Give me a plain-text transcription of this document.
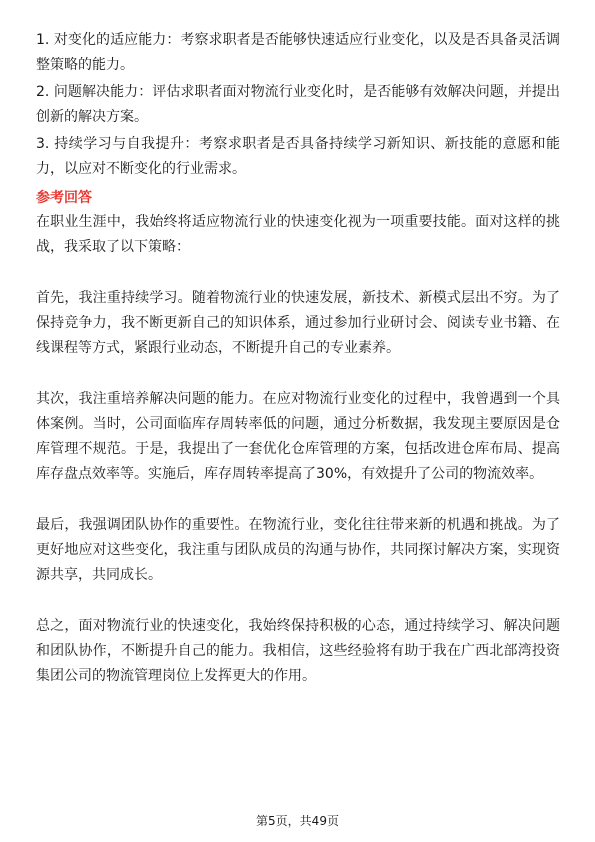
1. 对变化的适应能力：考察求职者是否能够快速适应行业变化，以及是否具备灵活调整策略的能力。

2. 问题解决能力：评估求职者面对物流行业变化时，是否能够有效解决问题，并提出创新的解决方案。

3. 持续学习与自我提升：考察求职者是否具备持续学习新知识、新技能的意愿和能力，以应对不断变化的行业需求。

参考回答

在职业生涯中，我始终将适应物流行业的快速变化视为一项重要技能。面对这样的挑战，我采取了以下策略：

首先，我注重持续学习。随着物流行业的快速发展，新技术、新模式层出不穷。为了保持竞争力，我不断更新自己的知识体系，通过参加行业研讨会、阅读专业书籍、在线课程等方式，紧跟行业动态，不断提升自己的专业素养。

其次，我注重培养解决问题的能力。在应对物流行业变化的过程中，我曾遇到一个具体案例。当时，公司面临库存周转率低的问题，通过分析数据，我发现主要原因是仓库管理不规范。于是，我提出了一套优化仓库管理的方案，包括改进仓库布局、提高库存盘点效率等。实施后，库存周转率提高了30%，有效提升了公司的物流效率。

最后，我强调团队协作的重要性。在物流行业，变化往往带来新的机遇和挑战。为了更好地应对这些变化，我注重与团队成员的沟通与协作，共同探讨解决方案，实现资源共享，共同成长。

总之，面对物流行业的快速变化，我始终保持积极的心态，通过持续学习、解决问题和团队协作，不断提升自己的能力。我相信，这些经验将有助于我在广西北部湾投资集团公司的物流管理岗位上发挥更大的作用。

第5页，共49页
